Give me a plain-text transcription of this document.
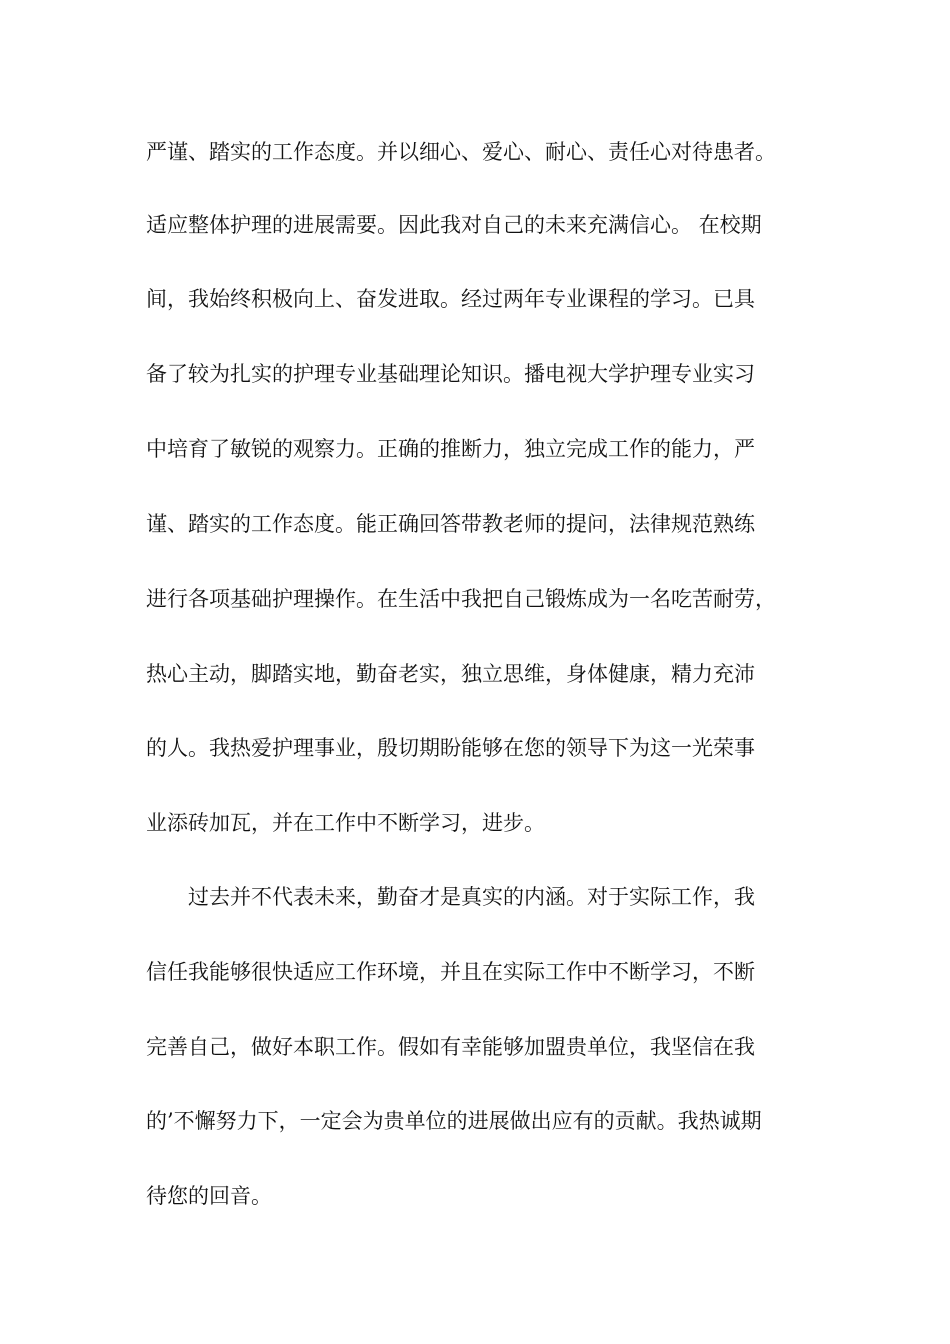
严谨、踏实的工作态度。并以细心、爱心、耐心、责任心对待患者。
适应整体护理的进展需要。因此我对自己的未来充满信心。 在校期
间，我始终积极向上、奋发进取。经过两年专业课程的学习。已具
备了较为扎实的护理专业基础理论知识。播电视大学护理专业实习
中培育了敏锐的观察力。正确的推断力，独立完成工作的能力，严
谨、踏实的工作态度。能正确回答带教老师的提问，法律规范熟练
进行各项基础护理操作。在生活中我把自己锻炼成为一名吃苦耐劳，
热心主动，脚踏实地，勤奋老实，独立思维，身体健康，精力充沛
的人。我热爱护理事业，殷切期盼能够在您的领导下为这一光荣事
业添砖加瓦，并在工作中不断学习，进步。
过去并不代表未来，勤奋才是真实的内涵。对于实际工作，我
信任我能够很快适应工作环境，并且在实际工作中不断学习，不断
完善自己，做好本职工作。假如有幸能够加盟贵单位，我坚信在我
的’不懈努力下，一定会为贵单位的进展做出应有的贡献。我热诚期
待您的回音。
